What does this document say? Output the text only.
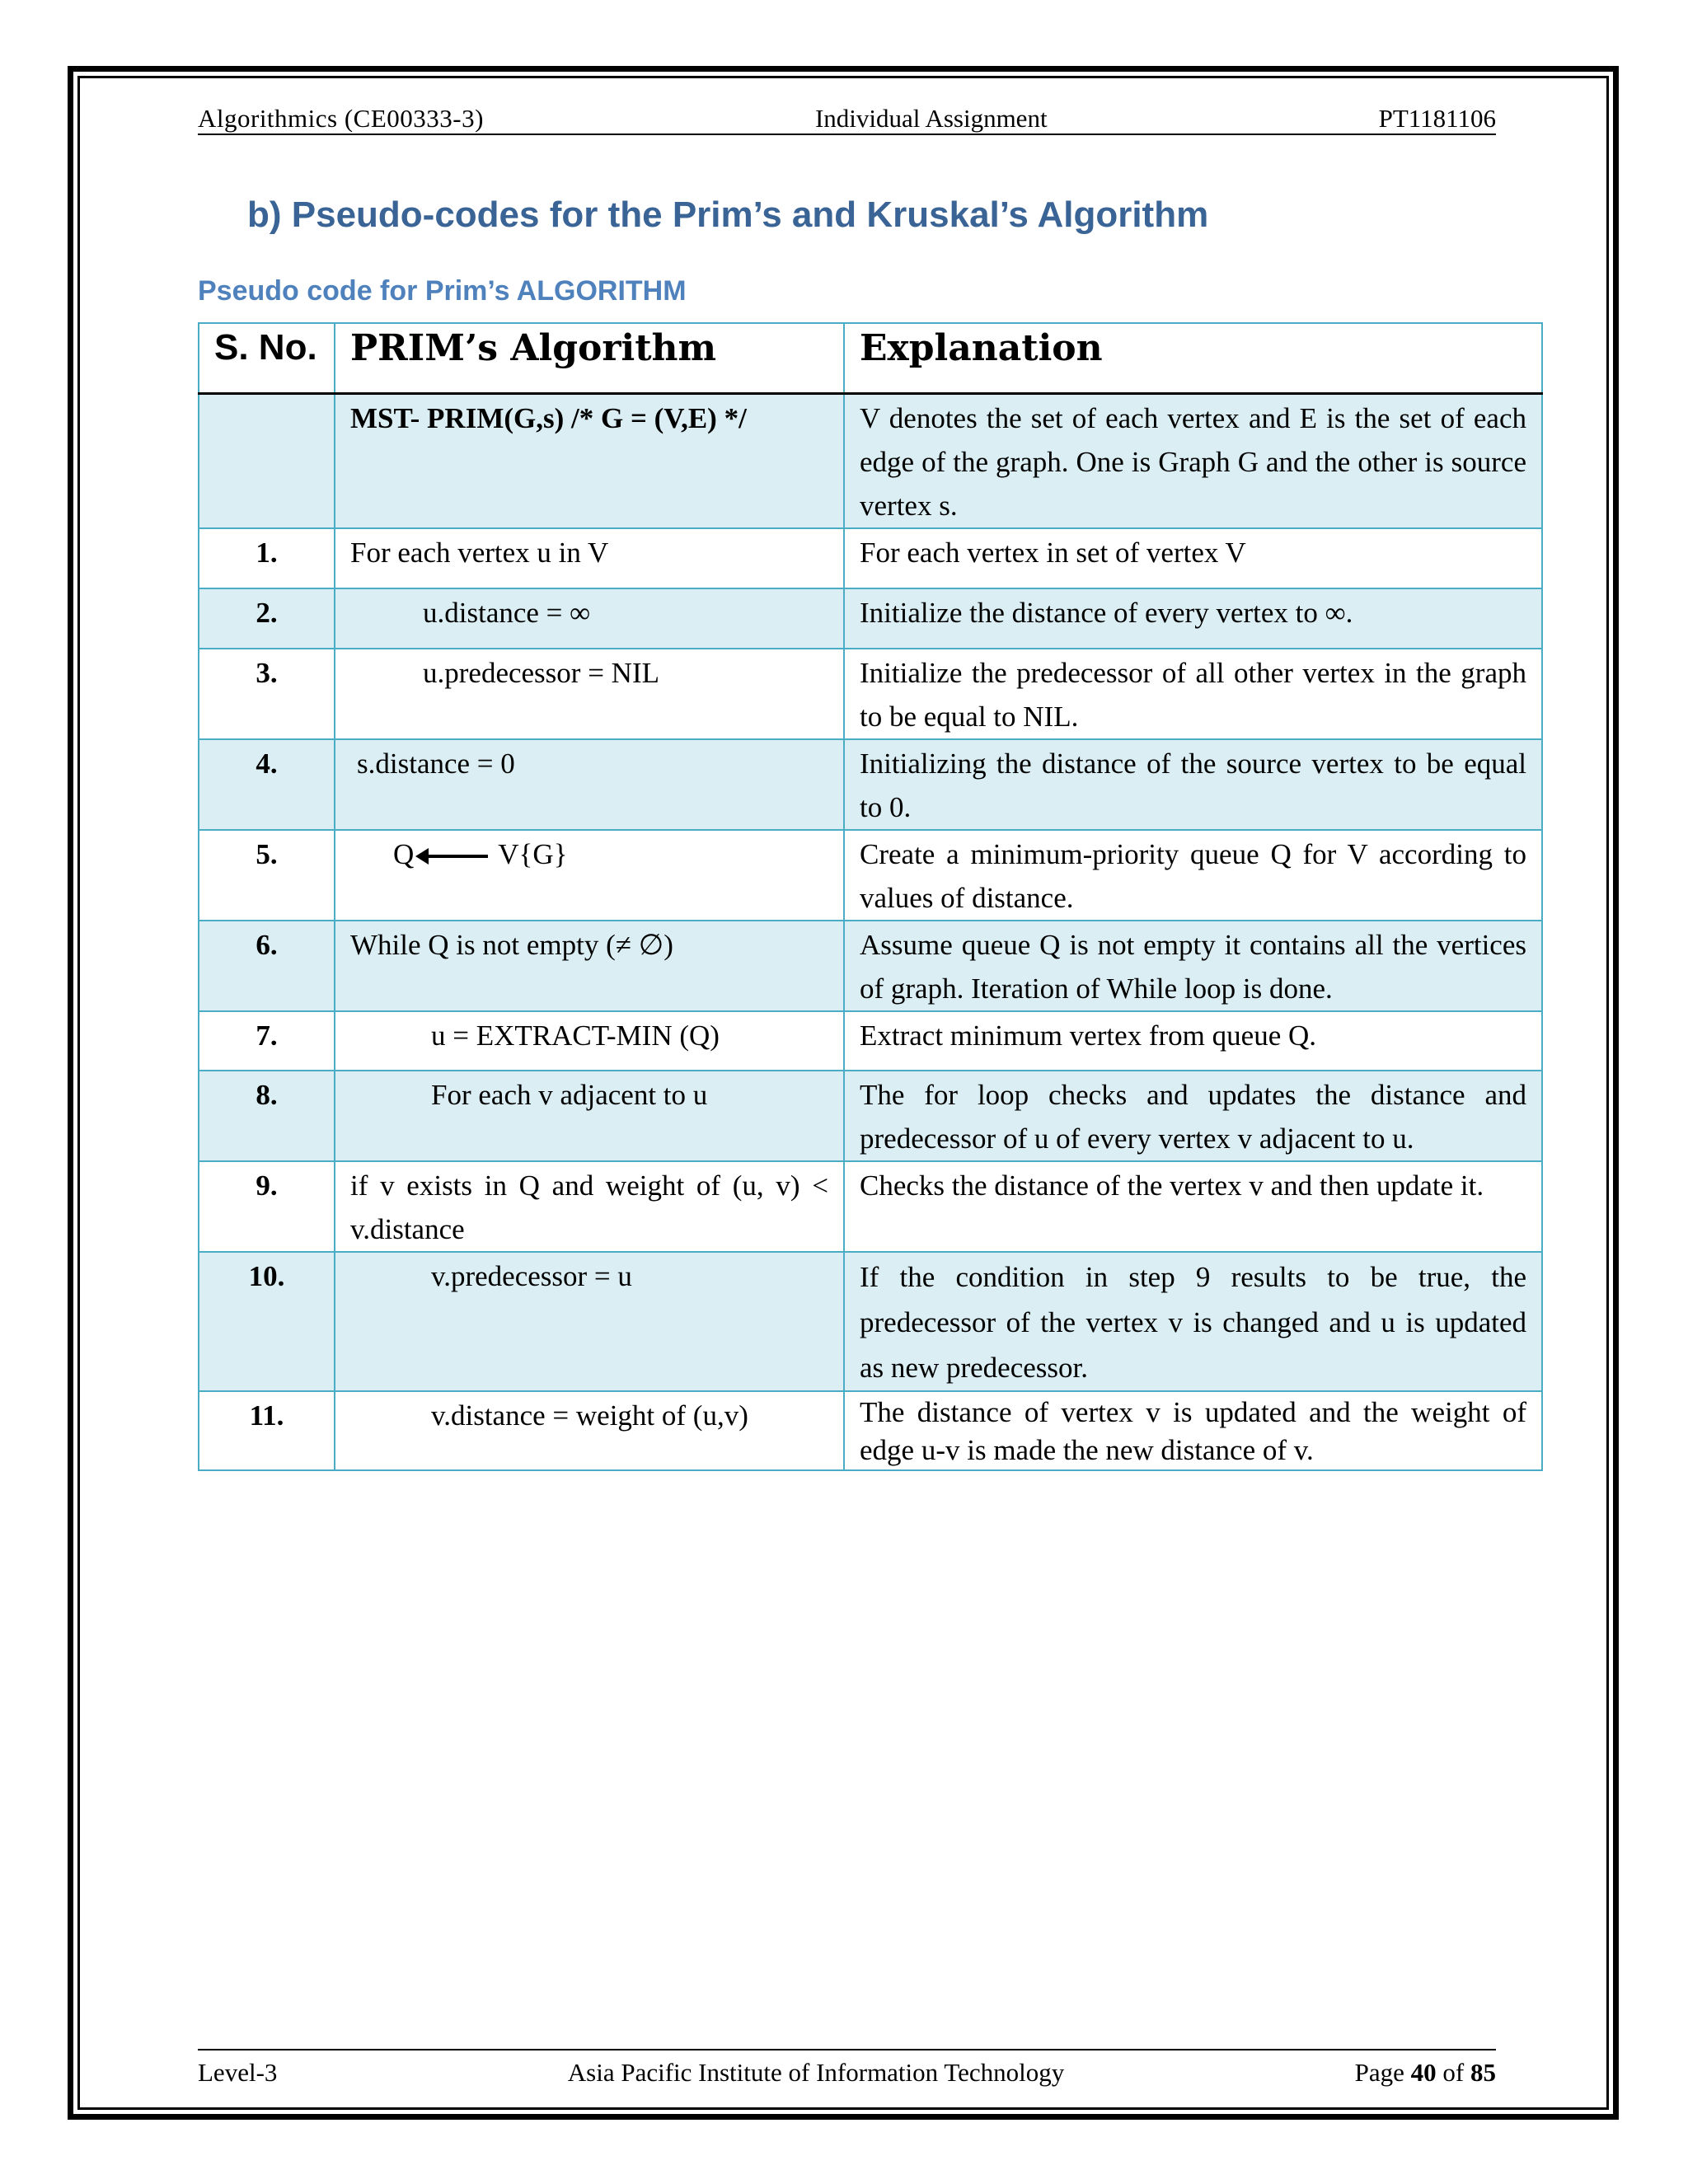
Algorithmics (CE00333-3)	Individual Assignment	PT1181106
b) Pseudo-codes for the Prim’s and Kruskal’s Algorithm
Pseudo code for Prim’s ALGORITHM
S. No.	PRIM’s Algorithm	Explanation
	MST- PRIM(G,s) /* G = (V,E) */	V denotes the set of each vertex and E is the set of each edge of the graph. One is Graph G and the other is source vertex s.
1.	For each vertex u in V	For each vertex in set of vertex V
2.	u.distance = ∞	Initialize the distance of every vertex to ∞.
3.	u.predecessor = NIL	Initialize the predecessor of all other vertex in the graph to be equal to NIL.
4.	s.distance = 0	Initializing the distance of the source vertex to be equal to 0.
5.	Q V{G}	Create a minimum-priority queue Q for V according to values of distance.
6.	While Q is not empty (≠ ∅)	Assume queue Q is not empty it contains all the vertices of graph. Iteration of While loop is done.
7.	u = EXTRACT-MIN (Q)	Extract minimum vertex from queue Q.
8.	For each v adjacent to u	The for loop checks and updates the distance and predecessor of u of every vertex v adjacent to u.
9.	if v exists in Q and weight of (u, v) < v.distance	Checks the distance of the vertex v and then update it.
10.	v.predecessor = u	If the condition in step 9 results to be true, the predecessor of the vertex v is changed and u is updated as new predecessor.
11.	v.distance = weight of (u,v)	The distance of vertex v is updated and the weight of edge u-v is made the new distance of v.
Level-3	Asia Pacific Institute of Information Technology	Page 40 of 85
